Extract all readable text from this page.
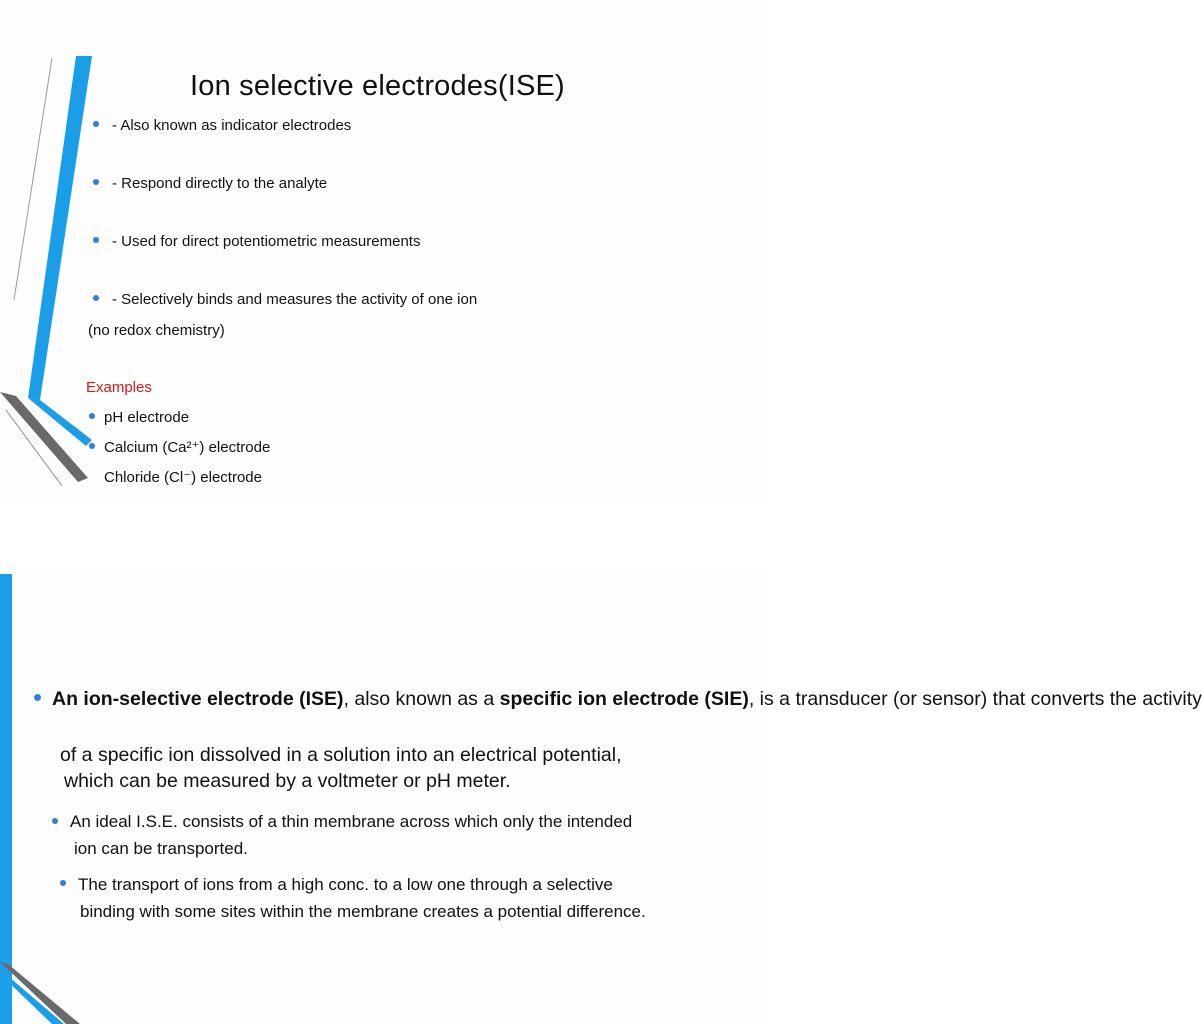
Ion selective electrodes(ISE)
- Also known as indicator electrodes
- Respond directly to the analyte
- Used for direct potentiometric measurements
- Selectively binds and measures the activity of one ion
(no redox chemistry)
Examples
pH electrode
Calcium (Ca²⁺) electrode
Chloride (Cl⁻) electrode
An ion-selective electrode (ISE), also known as a specific ion electrode (SIE), is a transducer (or sensor) that converts the activity
of a specific ion dissolved in a solution into an electrical potential,
which can be measured by a voltmeter or pH meter.
An ideal I.S.E. consists of a thin membrane across which only the intended
ion can be transported.
The transport of ions from a high conc. to a low one through a selective
binding with some sites within the membrane creates a potential difference.
